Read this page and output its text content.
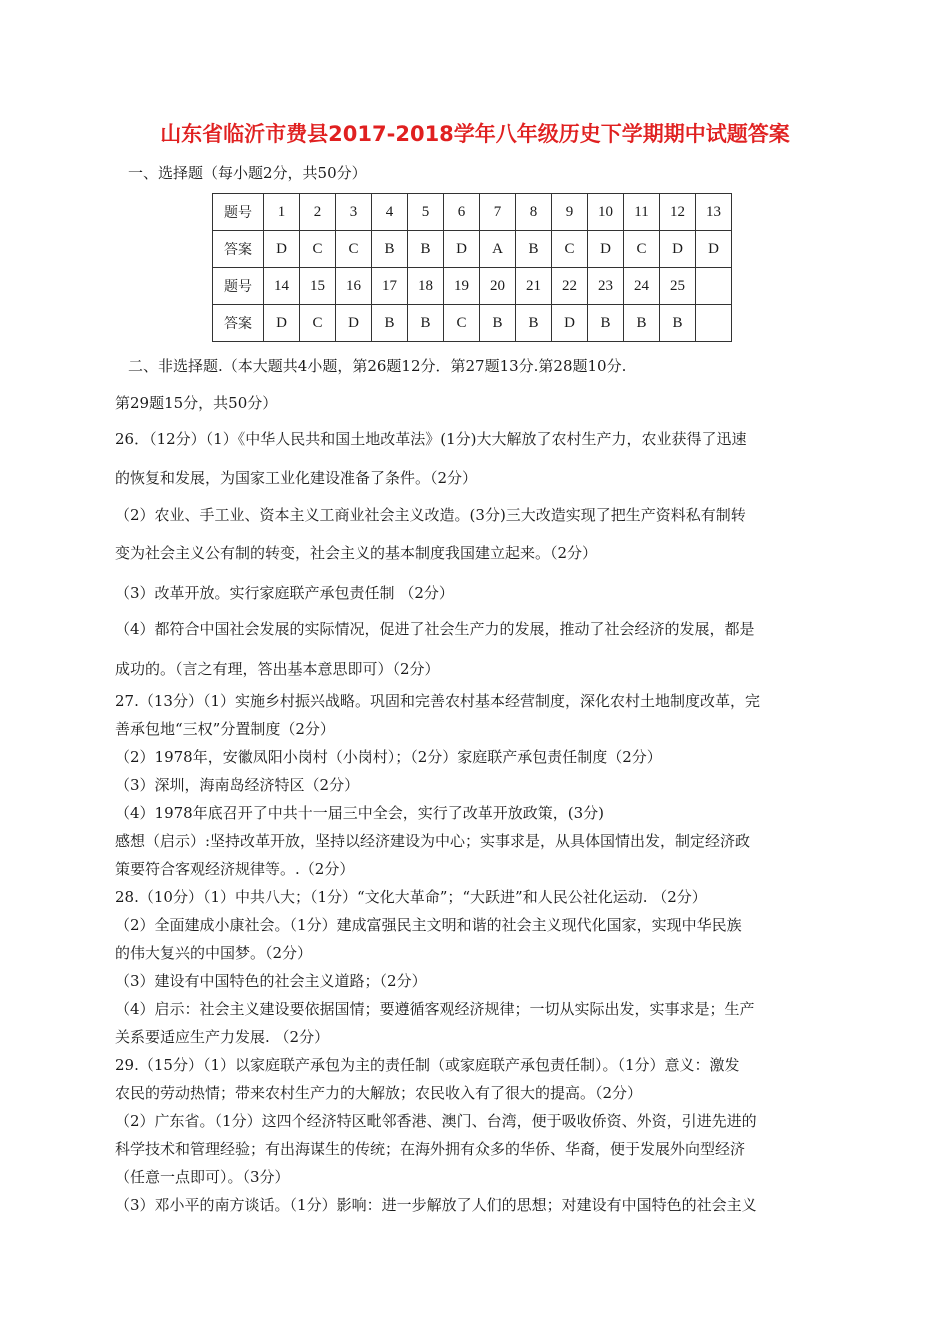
山东省临沂市费县2017-2018学年八年级历史下学期期中试题答案
一、选择题（每小题2分，共50分）
题号	1	2	3	4	5	6	7	8	9	10	11	12	13
答案	D	C	C	B	B	D	A	B	C	D	C	D	D
题号	14	15	16	17	18	19	20	21	22	23	24	25	
答案	D	C	D	B	B	C	B	B	D	B	B	B	
二、非选择题.（本大题共4小题，第26题12分．第27题13分.第28题10分.
第29题15分，共50分）
26．（12分）（1）《中华人民共和国土地改革法》(1分)大大解放了农村生产力，农业获得了迅速
的恢复和发展，为国家工业化建设准备了条件。（2分）
（2）农业、手工业、资本主义工商业社会主义改造。(3分)三大改造实现了把生产资料私有制转
变为社会主义公有制的转变，社会主义的基本制度我国建立起来。（2分）
（3）改革开放。实行家庭联产承包责任制 （2分）
（4）都符合中国社会发展的实际情况，促进了社会生产力的发展，推动了社会经济的发展，都是
成功的。（言之有理，答出基本意思即可）（2分）
27.（13分）（1）实施乡村振兴战略。巩固和完善农村基本经营制度，深化农村土地制度改革，完
善承包地“三权”分置制度（2分）
（2）1978年，安徽凤阳小岗村（小岗村）；（2分）家庭联产承包责任制度（2分）
（3）深圳，海南岛经济特区（2分）
（4）1978年底召开了中共十一届三中全会，实行了改革开放政策，(3分)
感想（启示）:坚持改革开放，坚持以经济建设为中心；实事求是，从具体国情出发，制定经济政
策要符合客观经济规律等。.（2分）
28.（10分）（1）中共八大；（1分）“文化大革命”；“大跃进”和人民公社化运动. （2分）
（2）全面建成小康社会。（1分）建成富强民主文明和谐的社会主义现代化国家，实现中华民族
的伟大复兴的中国梦。（2分）
（3）建设有中国特色的社会主义道路；（2分）
（4）启示：社会主义建设要依据国情；要遵循客观经济规律；一切从实际出发，实事求是；生产
关系要适应生产力发展. （2分）
29.（15分）（1）以家庭联产承包为主的责任制（或家庭联产承包责任制）。（1分）意义：激发
农民的劳动热情；带来农村生产力的大解放；农民收入有了很大的提高。（2分）
（2）广东省。（1分）这四个经济特区毗邻香港、澳门、台湾，便于吸收侨资、外资，引进先进的
科学技术和管理经验；有出海谋生的传统；在海外拥有众多的华侨、华裔，便于发展外向型经济
（任意一点即可）。（3分）
（3）邓小平的南方谈话。（1分）影响：进一步解放了人们的思想；对建设有中国特色的社会主义
